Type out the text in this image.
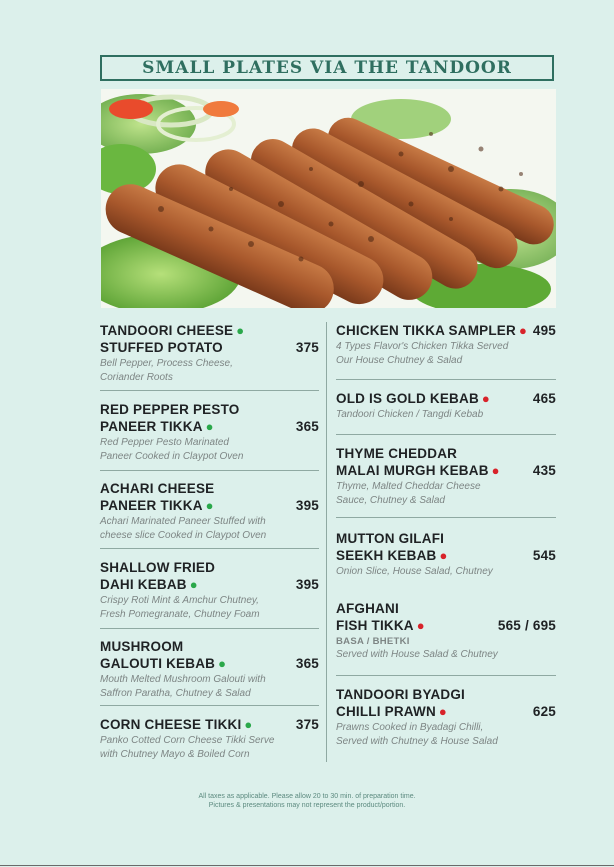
SMALL PLATES VIA THE TANDOOR
TANDOORI CHEESE ●
STUFFED POTATO	375
Bell Pepper, Process Cheese,
Coriander Roots
RED PEPPER PESTO
PANEER TIKKA ●	365
Red Pepper Pesto Marinated
Paneer Cooked in Claypot Oven
ACHARI CHEESE
PANEER TIKKA ●	395
Achari Marinated Paneer Stuffed with
cheese slice Cooked in Claypot Oven
SHALLOW FRIED
DAHI KEBAB ●	395
Crispy Roti Mint & Amchur Chutney,
Fresh Pomegranate, Chutney Foam
MUSHROOM
GALOUTI KEBAB ●	365
Mouth Melted Mushroom Galouti with
Saffron Paratha, Chutney & Salad
CORN CHEESE TIKKI ●	375
Panko Cotted Corn Cheese Tikki Serve
with Chutney Mayo & Boiled Corn
CHICKEN TIKKA SAMPLER ● 495
4 Types Flavor's Chicken Tikka Served
Our House Chutney & Salad
OLD IS GOLD KEBAB ●	465
Tandoori Chicken / Tangdi Kebab
THYME CHEDDAR
MALAI MURGH KEBAB ● 435
Thyme, Malted Cheddar Cheese
Sauce, Chutney & Salad
MUTTON GILAFI
SEEKH KEBAB ●	545
Onion Slice, House Salad, Chutney
AFGHANI
FISH TIKKA ●	565 / 695
BASA / BHETKI
Served with House Salad & Chutney
TANDOORI BYADGI
CHILLI PRAWN ●	625
Prawns Cooked in Byadagi Chilli,
Served with Chutney & House Salad
All taxes as applicable. Please allow 20 to 30 min. of preparation time.
Pictures & presentations may not represent the product/portion.
